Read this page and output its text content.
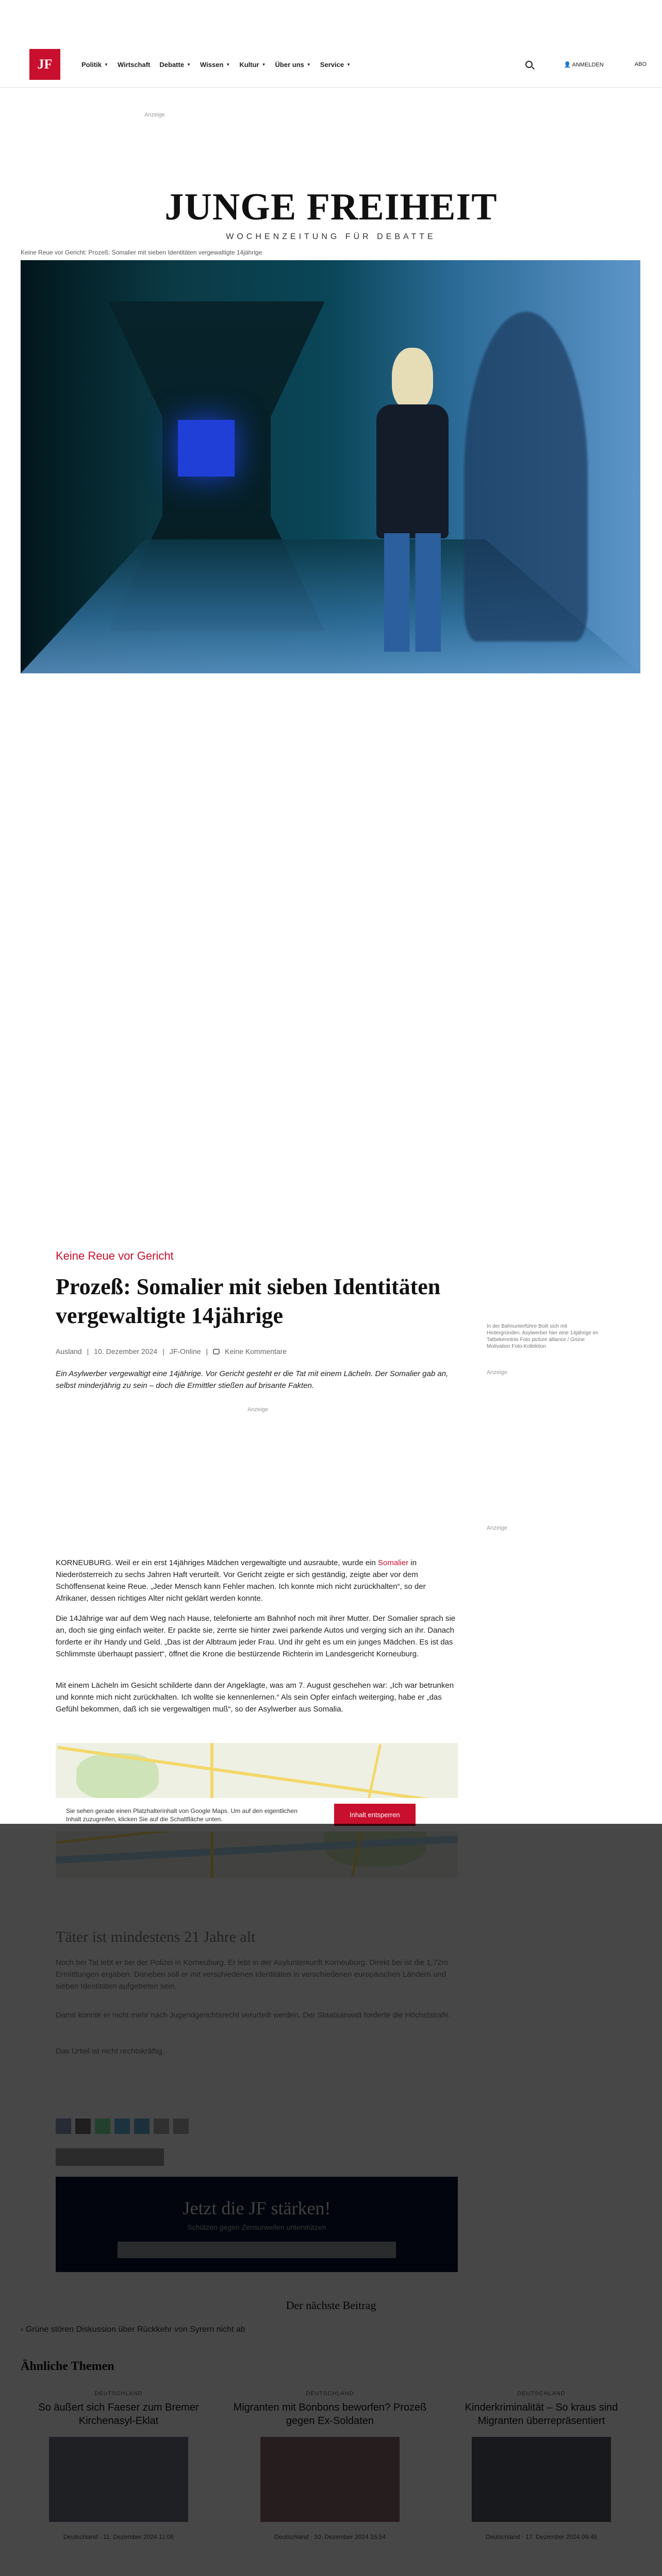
JF	Politik ▼ Wirtschaft Debatte ▼ Wissen ▼ Kultur ▼ Über uns ▼ Service ▼	👤 ANMELDEN	ABO
Anzeige
JUNGE FREIHEIT
WOCHENZEITUNG FÜR DEBATTE
Keine Reue vor Gericht: Prozeß: Somalier mit sieben Identitäten vergewaltigte 14jährige
Keine Reue vor Gericht
Prozeß: Somalier mit sieben Identitäten vergewaltigte 14jährige
Ausland | 10. Dezember 2024 | JF-Online | Keine Kommentare

Ein Asylwerber vergewaltigt eine 14jährige. Vor Gericht gesteht er die Tat mit einem Lächeln. Der Somalier gab an, selbst minderjährig zu sein – doch die Ermittler stießen auf brisante Fakten.

In der Bahnunterführe Boilt sich mit Hintergründen. Asylwerber hier eine 14jährige im Tatbekenntnis Foto picture alliance / Grüne Motivation Foto-Kollektion
Anzeige
Anzeige
Anzeige

KORNEUBURG. Weil er ein erst 14jähriges Mädchen vergewaltigte und ausraubte, wurde ein Somalier in Niederösterreich zu sechs Jahren Haft verurteilt. Vor Gericht zeigte er sich geständig, zeigte aber vor dem Schöffensenat keine Reue. „Jeder Mensch kann Fehler machen. Ich konnte mich nicht zurückhalten“, so der Afrikaner, dessen richtiges Alter nicht geklärt werden konnte.

Die 14Jährige war auf dem Weg nach Hause, telefonierte am Bahnhof noch mit ihrer Mutter. Der Somalier sprach sie an, doch sie ging einfach weiter. Er packte sie, zerrte sie hinter zwei parkende Autos und verging sich an ihr. Danach forderte er ihr Handy und Geld. „Das ist der Albtraum jeder Frau. Und ihr geht es um ein junges Mädchen. Es ist das Schlimmste überhaupt passiert“, öffnet die Krone die bestürzende Richterin im Landesgericht Korneuburg.

Mit einem Lächeln im Gesicht schilderte dann der Angeklagte, was am 7. August geschehen war: „Ich war betrunken und konnte mich nicht zurückhalten. Ich wollte sie kennenlernen.“ Als sein Opfer einfach weiterging, habe er „das Gefühl bekommen, daß ich sie vergewaltigen muß“, so der Asylwerber aus Somalia.

Sie sehen gerade einen Platzhalterinhalt von Google Maps. Um auf den eigentlichen Inhalt zuzugreifen, klicken Sie auf die Schaltfläche unten.
Inhalt entsperren
